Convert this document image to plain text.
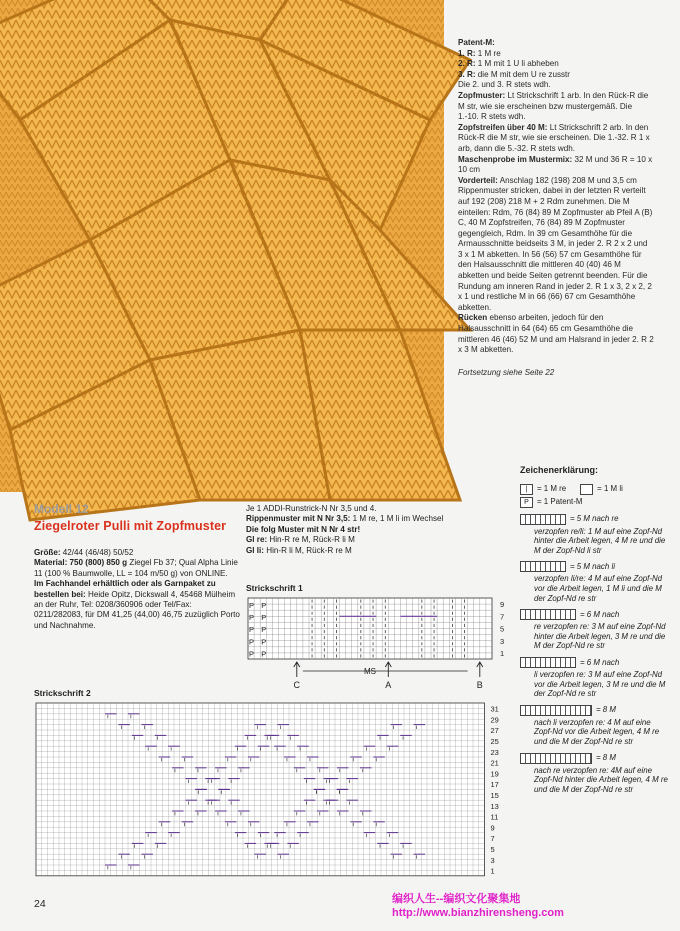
Patent-M:

1. R: 1 M re

2. R: 1 M mit 1 U li abheben

3. R: die M mit dem U re zusstr

Die 2. und 3. R stets wdh.

Zopfmuster: Lt Strickschrift 1 arb. In den Rück-R die M str, wie sie erscheinen bzw mustergemäß. Die 1.-10. R stets wdh.

Zopfstreifen über 40 M: Lt Strickschrift 2 arb. In den Rück-R die M str, wie sie erscheinen. Die 1.-32. R 1 x arb, dann die 5.-32. R stets wdh.

Maschenprobe im Mustermix: 32 M und 36 R = 10 x 10 cm

Vorderteil: Anschlag 182 (198) 208 M und 3,5 cm Rippenmuster stricken, dabei in der letzten R verteilt auf 192 (208) 218 M + 2 Rdm zunehmen. Die M einteilen: Rdm, 76 (84) 89 M Zopfmuster ab Pfeil A (B) C, 40 M Zopfstreifen, 76 (84) 89 M Zopfmuster gegengleich, Rdm. In 39 cm Gesamthöhe für die Armausschnitte beidseits 3 M, in jeder 2. R 2 x 2 und 3 x 1 M abketten. In 56 (56) 57 cm Gesamthöhe für den Halsausschnitt die mittleren 40 (40) 46 M abketten und beide Seiten getrennt beenden. Für die Rundung am inneren Rand in jeder 2. R 1 x 3, 2 x 2, 2 x 1 und restliche M in 66 (66) 67 cm Gesamthöhe abketten.

Rücken ebenso arbeiten, jedoch für den Halsausschnitt in 64 (64) 65 cm Gesamthöhe die mittleren 46 (46) 52 M und am Halsrand in jeder 2. R 2 x 3 M abketten.

Fortsetzung siehe Seite 22

Modell 12
Ziegelroter Pulli mit Zopfmuster

Größe: 42/44 (46/48) 50/52

Material: 750 (800) 850 g Ziegel Fb 37; Qual Alpha Linie 11 (100 % Baumwolle, LL = 104 m/50 g) von ONLINE.

Im Fachhandel erhältlich oder als Garnpaket zu bestellen bei: Heide Opitz, Dickswall 4, 45468 Mülheim an der Ruhr, Tel: 0208/360906 oder Tel/Fax: 0211/282083, für DM 41,25 (44,00) 46,75 zuzüglich Porto und Nachnahme.

Je 1 ADDI-Runstrick-N Nr 3,5 und 4.

Rippenmuster mit N Nr 3,5: 1 M re, 1 M li im Wechsel

Die folg Muster mit N Nr 4 str!

Gl re: Hin-R re M, Rück-R li M

Gl li: Hin-R li M, Rück-R re M

Strickschrift 1
P P
P P
P P
P P
P P
9
7
5
3
1
MS
C	A	B
Strickschrift 2
31
29
27
25
23
21
19
17
15
13
11
9
7
5
3
1
Zeichenerklärung:
|	= 1 M re	= 1 M li
P	= 1 Patent-M
= 5 M nach re
verzopfen re/li: 1 M auf eine Zopf-Nd hinter die Arbeit legen, 4 M re und die M der Zopf-Nd li str
= 5 M nach li
verzopfen li/re: 4 M auf eine Zopf-Nd vor die Arbeit legen, 1 M li und die M der Zopf-Nd re str
= 6 M nach
re verzopfen re: 3 M auf eine Zopf-Nd hinter die Arbeit legen, 3 M re und die M der Zopf-Nd re str
= 6 M nach
li verzopfen re: 3 M auf eine Zopf-Nd vor die Arbeit legen, 3 M re und die M der Zopf-Nd re str
= 8 M
nach li verzopfen re: 4 M auf eine Zopf-Nd vor die Arbeit legen, 4 M re und die M der Zopf-Nd re str
= 8 M
nach re verzopfen re: 4M auf eine Zopf-Nd hinter die Arbeit legen, 4 M re und die M der Zopf-Nd re str
24	编织人生--编织文化聚集地
http://www.bianzhirensheng.com
